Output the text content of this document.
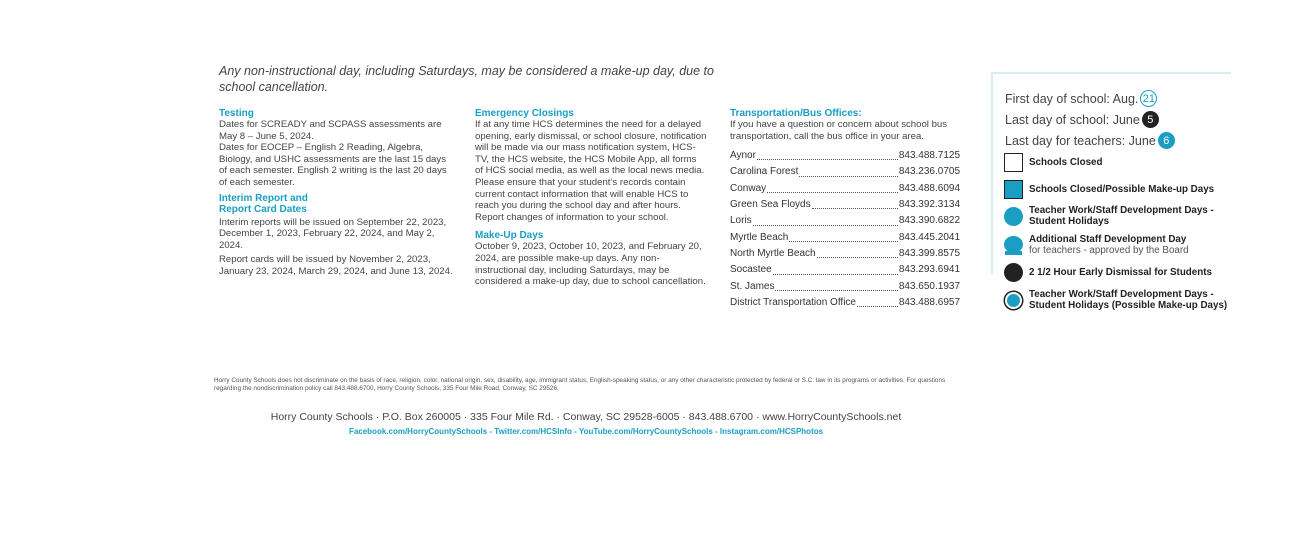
Any non-instructional day, including Saturdays, may be considered a make-up day, due to school cancellation.
Testing
Dates for SCREADY and SCPASS assessments are May 8 – June 5, 2024.
Dates for EOCEP – English 2 Reading, Algebra, Biology, and USHC assessments are the last 15 days of each semester. English 2 writing is the last 20 days of each semester.
Interim Report and
Report Card Dates
Interim reports will be issued on September 22, 2023, December 1, 2023, February 22, 2024, and May 2, 2024.
Report cards will be issued by November 2, 2023, January 23, 2024, March 29, 2024, and June 13, 2024.
Emergency Closings
If at any time HCS determines the need for a delayed opening, early dismissal, or school closure, notification will be made via our mass notification system, HCS-TV, the HCS website, the HCS Mobile App, all forms of HCS social media, as well as the local news media. Please ensure that your student’s records contain current contact information that will enable HCS to reach you during the school day and after hours. Report changes of information to your school.
Make-Up Days
October 9, 2023, October 10, 2023, and February 20, 2024, are possible make-up days. Any non-instructional day, including Saturdays, may be considered a make-up day, due to school cancellation.
Transportation/Bus Offices:
If you have a question or concern about school bus transportation, call the bus office in your area.
Aynor	843.488.7125
Carolina Forest	843.236.0705
Conway	843.488.6094
Green Sea Floyds	843.392.3134
Loris	843.390.6822
Myrtle Beach	843.445.2041
North Myrtle Beach	843.399.8575
Socastee	843.293.6941
St. James	843.650.1937
District Transportation Office	843.488.6957
First day of school: Aug. 21
Last day of school: June 5
Last day for teachers: June 6
Schools Closed
Schools Closed/Possible Make-up Days
Teacher Work/Staff Development Days -
Student Holidays
Additional Staff Development Day
for teachers - approved by the Board
2 1/2 Hour Early Dismissal for Students
Teacher Work/Staff Development Days -
Student Holidays (Possible Make-up Days)
Horry County Schools does not discriminate on the basis of race, religion, color, national origin, sex, disability, age, immigrant status, English-speaking status, or any other characteristic protected by federal or S.C. law in its programs or activities. For questions regarding the nondiscrimination policy call 843.488.6700, Horry County Schools, 335 Four Mile Road, Conway, SC 29526.
Horry County Schools · P.O. Box 260005 · 335 Four Mile Rd. · Conway, SC 29528-6005 · 843.488.6700 · www.HorryCountySchools.net
Facebook.com/HorryCountySchools - Twitter.com/HCSInfo - YouTube.com/HorryCountySchools - Instagram.com/HCSPhotos
